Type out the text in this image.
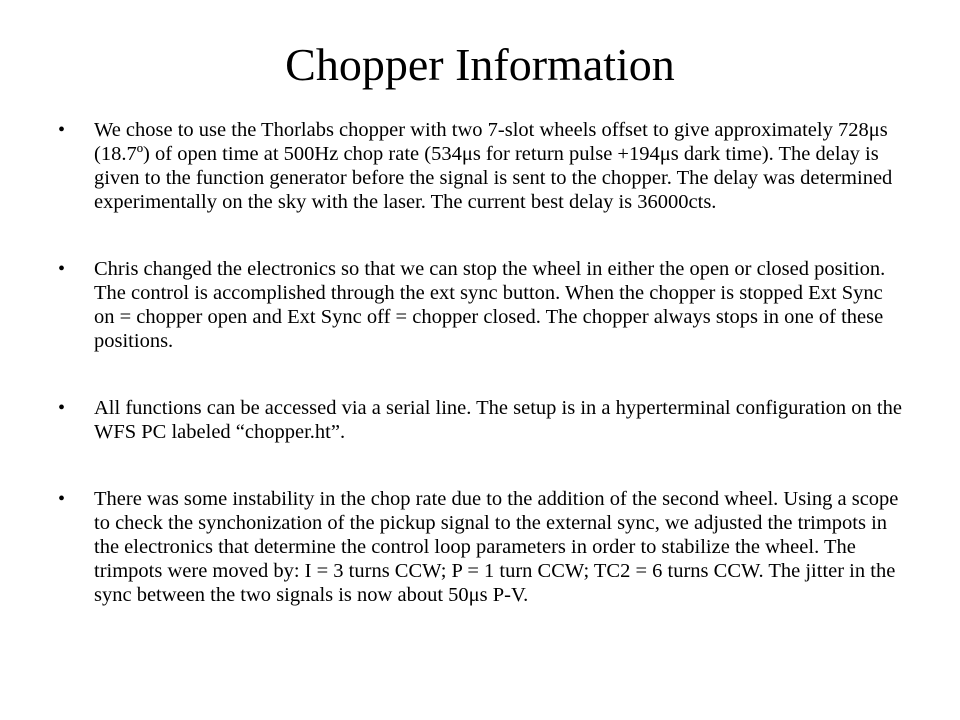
Chopper Information
• We chose to use the Thorlabs chopper with two 7-slot wheels offset to give approximately 728μs (18.7º) of open time at 500Hz chop rate (534μs for return pulse +194μs dark time). The delay is given to the function generator before the signal is sent to the chopper. The delay was determined experimentally on the sky with the laser. The current best delay is 36000cts.
• Chris changed the electronics so that we can stop the wheel in either the open or closed position. The control is accomplished through the ext sync button. When the chopper is stopped Ext Sync on = chopper open and Ext Sync off = chopper closed. The chopper always stops in one of these positions.
• All functions can be accessed via a serial line. The setup is in a hyperterminal configuration on the WFS PC labeled “chopper.ht”.
• There was some instability in the chop rate due to the addition of the second wheel. Using a scope to check the synchonization of the pickup signal to the external sync, we adjusted the trimpots in the electronics that determine the control loop parameters in order to stabilize the wheel. The trimpots were moved by: I = 3 turns CCW; P = 1 turn CCW; TC2 = 6 turns CCW. The jitter in the sync between the two signals is now about 50μs P-V.
